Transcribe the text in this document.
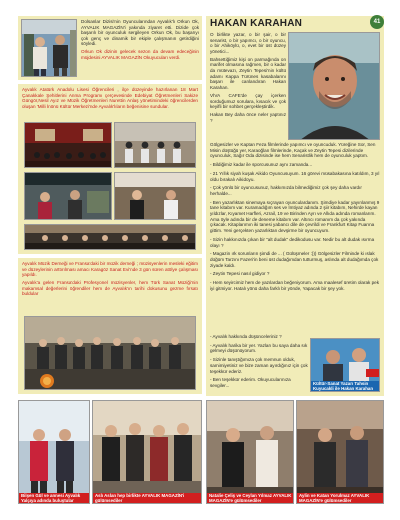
Dolsanlar Dizisi'nin Oyuncularından Ayvalık'lı Orkun Ok, AYVALIK MAGAZİN'i yakında ziyaret etti. Dizide çok başarılı bir oyunculuk sergileyen Orkun Ok, bu başarıyı çok genç ve dinamik bir ekiple çalışmanın getirdiğini söyledi.

Orkun Ok dizinin gelecek sezon da devam edeceğinin müjdesini AYVALIK MAGAZİN Okuyucuları verdi.

Ayvalık Atatürk Anadolu Lisesi Öğrencileri , ilçe düzeyinde hazırlanan 18 Mart Çanakkale Şehitlerini Anma Programı çerçevesinde Edebiyat Öğretmenleri Sakize Güngör,Nesil Ayız ve Müzik Öğretmenleri Nurettin Anlaş yönetimindeki öğrencilerden oluşan 'Milli İnönü Kültür Merkezi'nde Ayvalık'lıların beğenisine sundular.

Ayvalık Müzik Derneği ve Fransa'daki bir müzik derneği ; müzisyenlerin mesleki eğitim ve düzeylerinin arttırılması amacı Karagöz Sanat Evi'nde 3 gün süren atölye çalışması yapıldı.

Ayvalık'a gelen Fransa'daki Profesyonel müzisyenler, hem Türk Sanat Müziği'nin makamsal değerlerini öğrendiler hem de Ayvalık'ın tarihi dokusunu gezme fırsatı buldular

HAKAN KARAHAN	41

O birlikte yazar, o bir şair, o bir senarist, o bir yapımcı, o bir oyuncu, o bir Ahiköylü, o, evet bir üst düzey yönetici...

Bahsettiğimiz kişi on parmağında on marifet olmasına rağmen, bir o kadar da mütevazı, Zeytin Tepesi'nin kültü adamı Kappa Türünes kasabalarını başarı ile canlandıran Hakan Karahan.

VİVA CAFE'de çay içerken sorduğumuz sorulara, kısacık ve çok keyifli bir sohbet gerçekleştirdik.

Hakan Bey daha önce neler yaptınız ?

Gölgesizler ve Kaptan Feza filmlerinde yapımcı ve oyuncuduk. Yüreğine Sor, Sen Misin düştüğü yer, Karaoğlan filmlerinde, Kaçak ve Zeytin Tepesi dizilerinde oyunculuk, Sağır Oda dizisinde ise hem Senaristlik hem de oyunculuk yaptım.

- Bildiğimiz kadar ile sporcusunuz aynı zamanda...

- 21 Yıllık siyah kuşak Aikido Oyuncusuyum. 16 görevi müsabakasına katıldım, 3 yıl oldu bırakalı Aikidoyu.

- Çok yönlü bir oyuncusunuz, hakkımızda bilmediğimiz çok şey daha vardır herhalde...

- Ben yazarlıktan sinemaya sıçrayan oyunculardanım. Şimdiye kadar yayınlanmış 9 tane kitabım var. Kuramadığım ses ve İmtiyaz adında 2 şiir kitabım, Nehirde kayan yıldızlar, Kıyamet Harfleri, Azrail, 19 ve Birinden Ayrı ve Allıda adında romanlarım. Ama öyle adında bir de deneme kitabım var. Altıncı romanım da çok yakında çıkacak. Kitaplarımın iki tanesi yabancı dile de çevrildi ve Frankfurt Kitap Fuarına gittim. Yeni gerçekten yazarlıktan devşirme bir oyuncuyum.

- Sizin hakkınızda çıkan bir "alt dudak" dedikodusu var. Nedir bu alt dudak ısırma olayı ?

- Magazin ırk sorunların şimdi de ... ( Gülüşmeler :))) Gölgesizler Filminde ki ıslak düğüm Tarzını Fazeri'in beni üst dudağımdan tutturmuş, aslında alt dudağımda çok ziyade kaldı.

- Zeytin Tepesi nasıl gidiyor ?

- Hem seyircimiz hem de yazılardan beğeniyorum. Ama maalesef üretim olarak pek iyi gitmiyor. Hatalı yönü daha farklı bir yönde, Yapacak bir şey yok.

- Ayvalık hakkında düşünceleriniz ?

- Ayvalık harika bir yer. Yazları bu saya daha sık gelmeyi düşünüyorum.

- Sizinle tanıştığımıza çok memnun olduk, samimiyetiniz ve bize zaman ayırdığınız için çok teşekkür ederiz.

- Ben teşekkür ederim. Okuyucularınıza sevgiler...	Kültür-Sanat Yazarı Tahsin Kuyucakli ile Hakan Karahan
Bilşen Gül ve annesi Ayvalık Yalçıya adında buluştular
Aslı Aslan hep birlikte AYVALIK MAGAZİN'i gülümsediler
Natalie Çeliş ve Ceylan Yılmaz AYVALIK MAGAZİN'e gülümsediler
Aylin ve Katan Yorulmaz AYVALIK MAGAZİN'e gülümsediler
